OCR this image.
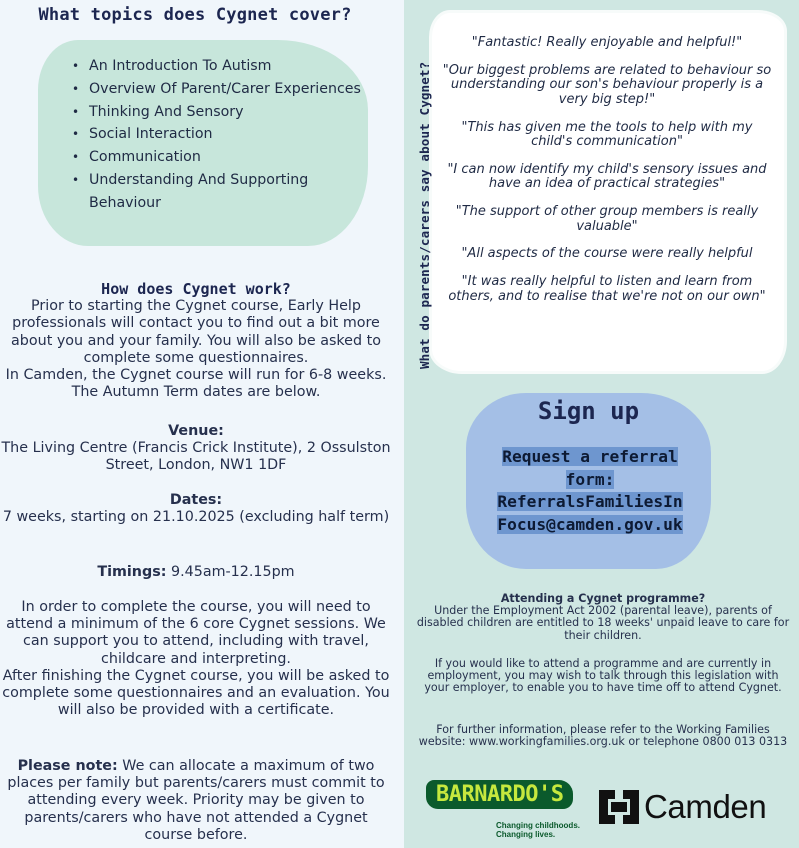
What topics does Cygnet cover?
• An Introduction To Autism
• Overview Of Parent/Carer Experiences
• Thinking And Sensory
• Social Interaction
• Communication
• Understanding And Supporting Behaviour
How does Cygnet work?
Prior to starting the Cygnet course, Early Help professionals will contact you to find out a bit more about you and your family. You will also be asked to complete some questionnaires.
In Camden, the Cygnet course will run for 6-8 weeks. The Autumn Term dates are below.
Venue:
The Living Centre (Francis Crick Institute), 2 Ossulston Street, London, NW1 1DF
Dates:
7 weeks, starting on 21.10.2025 (excluding half term)
Timings: 9.45am-12.15pm
In order to complete the course, you will need to attend a minimum of the 6 core Cygnet sessions. We can support you to attend, including with travel, childcare and interpreting.
After finishing the Cygnet course, you will be asked to complete some questionnaires and an evaluation. You will also be provided with a certificate.
Please note: We can allocate a maximum of two places per family but parents/carers must commit to attending every week. Priority may be given to parents/carers who have not attended a Cygnet course before.
What do parents/carers say about Cygnet?

"Fantastic! Really enjoyable and helpful!"

"Our biggest problems are related to behaviour so understanding our son's behaviour properly is a very big step!"

"This has given me the tools to help with my child's communication"

"I can now identify my child's sensory issues and have an idea of practical strategies"

"The support of other group members is really valuable"

"All aspects of the course were really helpful

"It was really helpful to listen and learn from others, and to realise that we're not on our own"

Sign up
Request a referral
form:
ReferralsFamiliesIn
Focus@camden.gov.uk
Attending a Cygnet programme?
Under the Employment Act 2002 (parental leave), parents of disabled children are entitled to 18 weeks' unpaid leave to care for their children.
If you would like to attend a programme and are currently in employment, you may wish to talk through this legislation with your employer, to enable you to have time off to attend Cygnet.
For further information, please refer to the Working Families website: www.workingfamilies.org.uk or telephone 0800 013 0313
BARNARDO'S
Changing childhoods.
Changing lives.
Camden
